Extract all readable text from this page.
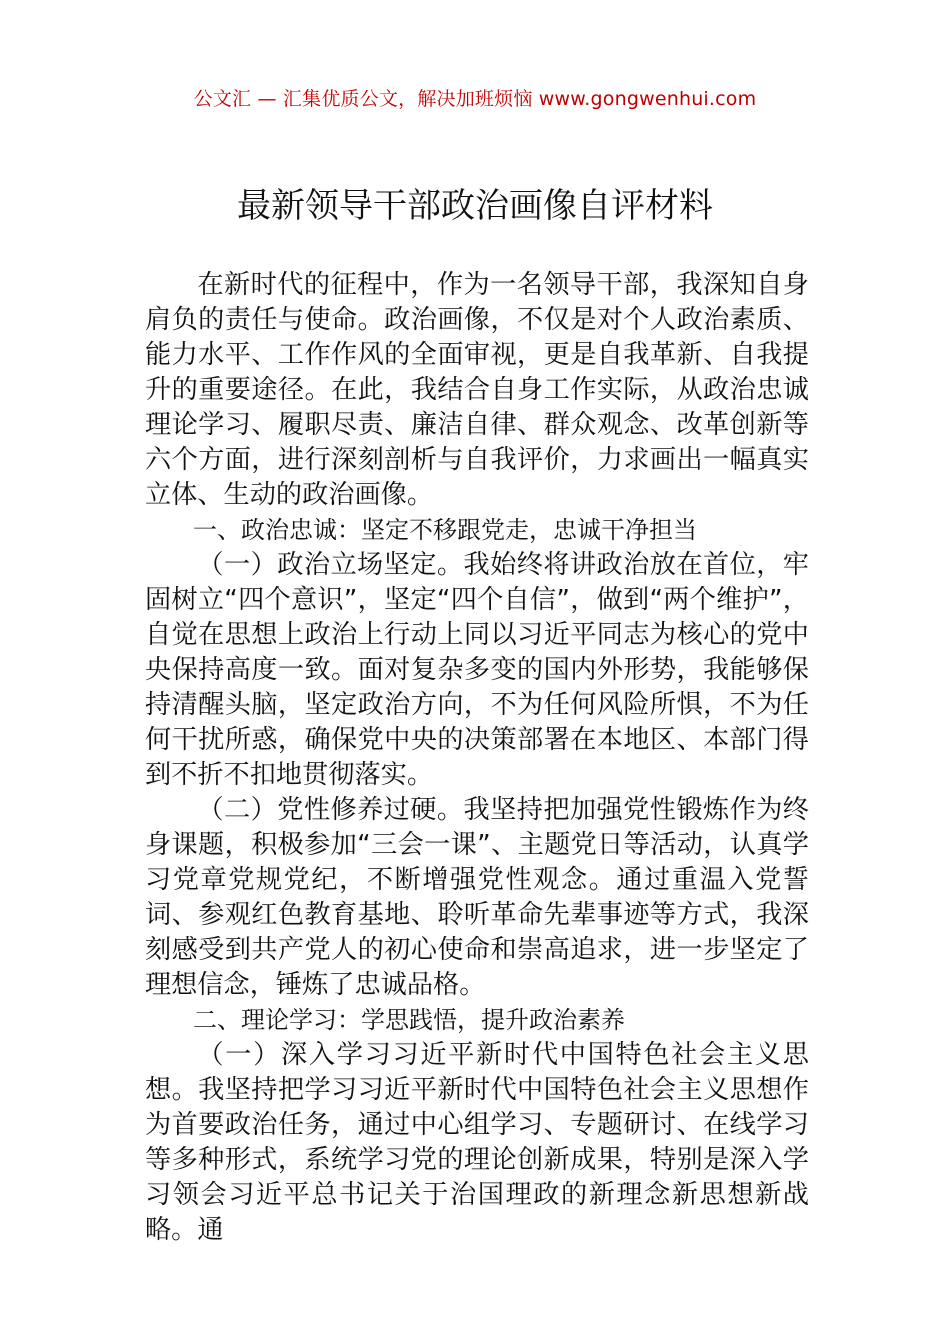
公文汇 — 汇集优质公文，解决加班烦恼 www.gongwenhui.com
最新领导干部政治画像自评材料

在新时代的征程中，作为一名领导干部，我深知自身肩负的责任与使命。政治画像，不仅是对个人政治素质、能力水平、工作作风的全面审视，更是自我革新、自我提升的重要途径。在此，我结合自身工作实际，从政治忠诚理论学习、履职尽责、廉洁自律、群众观念、改革创新等六个方面，进行深刻剖析与自我评价，力求画出一幅真实立体、生动的政治画像。

一、政治忠诚：坚定不移跟党走，忠诚干净担当

（一）政治立场坚定。我始终将讲政治放在首位，牢固树立“四个意识”，坚定“四个自信”，做到“两个维护”，自觉在思想上政治上行动上同以习近平同志为核心的党中央保持高度一致。面对复杂多变的国内外形势，我能够保持清醒头脑，坚定政治方向，不为任何风险所惧，不为任何干扰所惑，确保党中央的决策部署在本地区、本部门得到不折不扣地贯彻落实。

（二）党性修养过硬。我坚持把加强党性锻炼作为终身课题，积极参加“三会一课”、主题党日等活动，认真学习党章党规党纪，不断增强党性观念。通过重温入党誓词、参观红色教育基地、聆听革命先辈事迹等方式，我深刻感受到共产党人的初心使命和崇高追求，进一步坚定了理想信念，锤炼了忠诚品格。

二、理论学习：学思践悟，提升政治素养

（一）深入学习习近平新时代中国特色社会主义思想。我坚持把学习习近平新时代中国特色社会主义思想作为首要政治任务，通过中心组学习、专题研讨、在线学习等多种形式，系统学习党的理论创新成果，特别是深入学习领会习近平总书记关于治国理政的新理念新思想新战略。通
